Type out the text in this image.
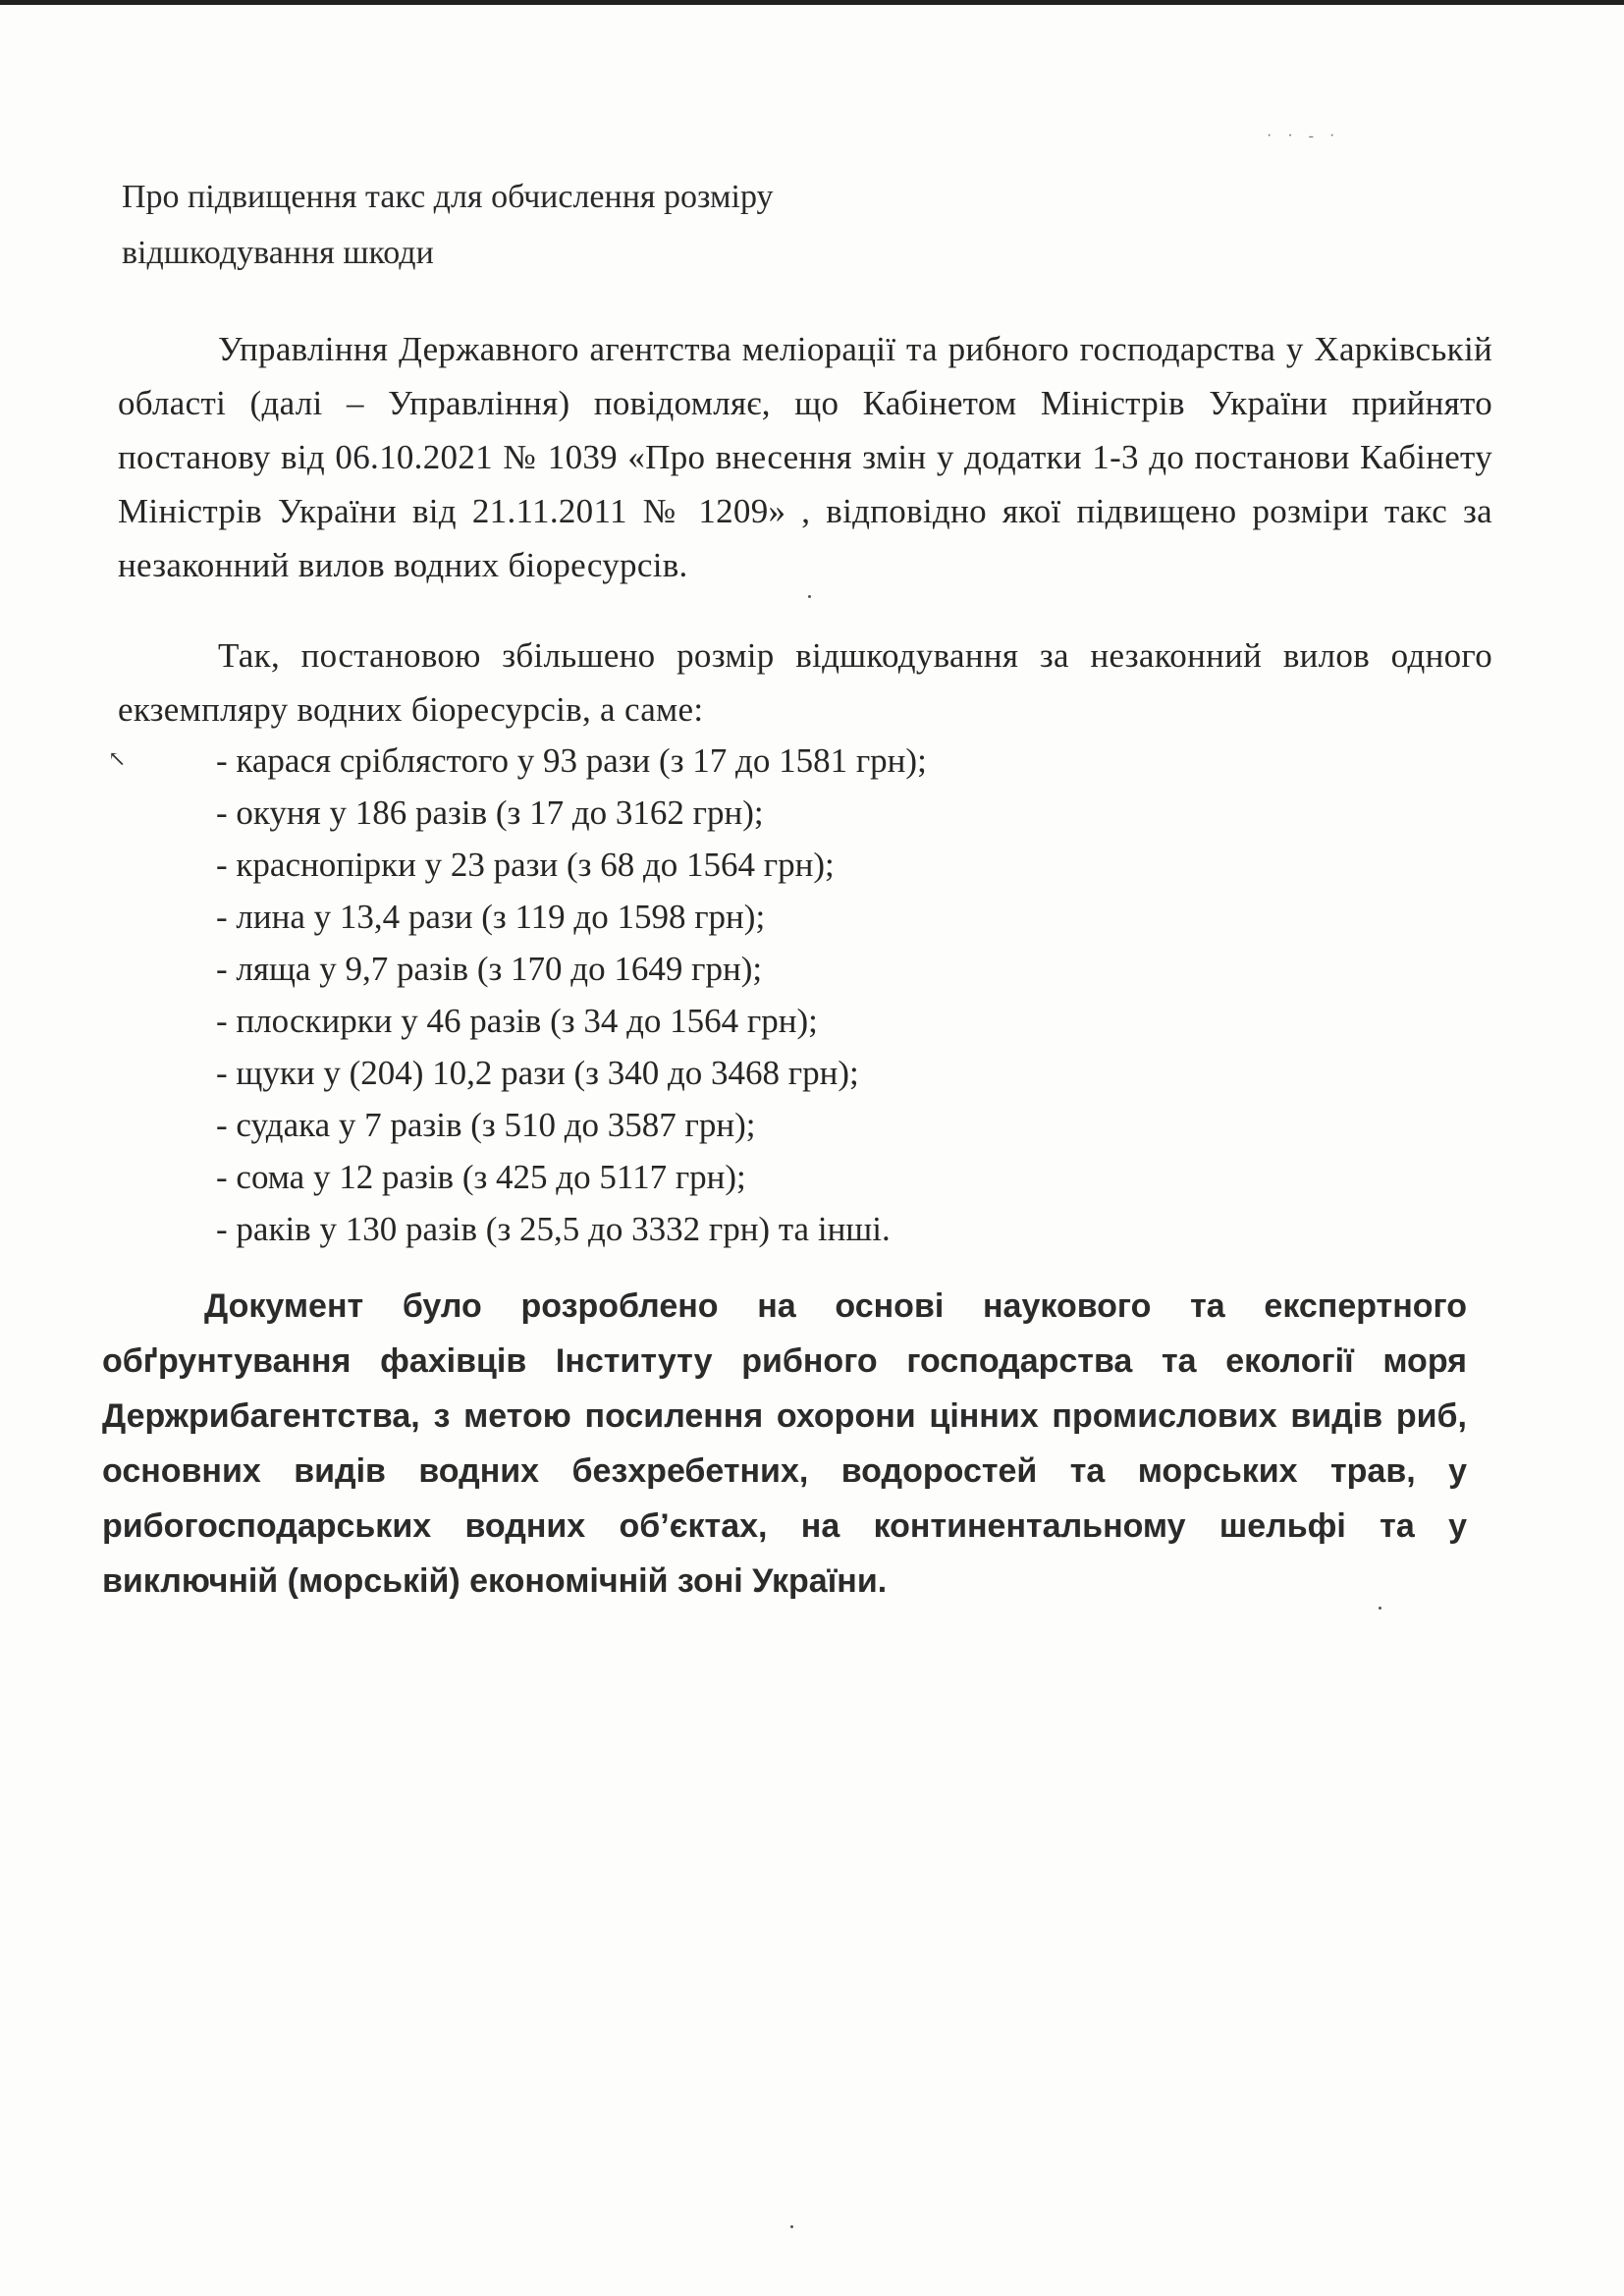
· · - ·
Про підвищення такс для обчислення розміру
відшкодування шкоди

Управління Державного агентства меліорації та рибного господарства у Харківській області (далі – Управління) повідомляє, що Кабінетом Міністрів України прийнято постанову від 06.10.2021 № 1039 «Про внесення змін у додатки 1-3 до постанови Кабінету Міністрів України від 21.11.2011 № 1209» , відповідно якої підвищено розміри такс за незаконний вилов водних біоресурсів.

Так, постановою збільшено розмір відшкодування за незаконний вилов одного екземпляру водних біоресурсів, а саме:

↖	- карася сріблястого у 93 рази (з 17 до 1581 грн);
- окуня у 186 разів (з 17 до 3162 грн);
- краснопірки у 23 рази (з 68 до 1564 грн);
- лина у 13,4 рази (з 119 до 1598 грн);
- ляща у 9,7 разів (з 170 до 1649 грн);
- плоскирки у 46 разів (з 34 до 1564 грн);
- щуки у (204) 10,2 рази (з 340 до 3468 грн);
- судака у 7 разів (з 510 до 3587 грн);
- сома у 12 разів (з 425 до 5117 грн);
- раків у 130 разів (з 25,5 до 3332 грн) та інші.

Документ було розроблено на основі наукового та експертного обґрунтування фахівців Інституту рибного господарства та екології моря Держрибагентства, з метою посилення охорони цінних промислових видів риб, основних видів водних безхребетних, водоростей та морських трав, у рибогосподарських водних об’єктах, на континентальному шельфі та у виключній (морській) економічній зоні України.
